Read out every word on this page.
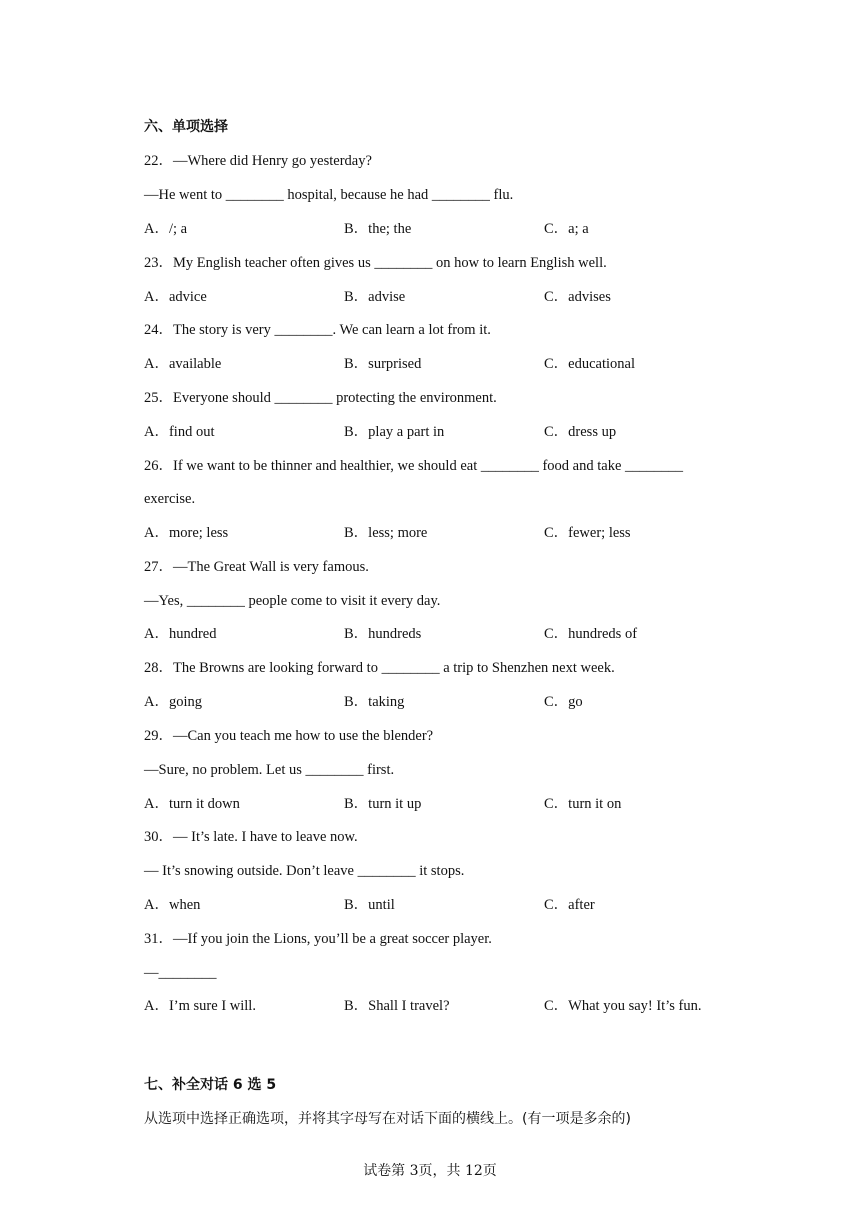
六、单项选择
22．—Where did Henry go yesterday?
—He went to ________ hospital, because he had ________ flu.
A．/; a	B．the; the	C．a; a
23．My English teacher often gives us ________ on how to learn English well.
A．advice	B．advise	C．advises
24．The story is very ________. We can learn a lot from it.
A．available	B．surprised	C．educational
25．Everyone should ________ protecting the environment.
A．find out	B．play a part in	C．dress up
26．If we want to be thinner and healthier, we should eat ________ food and take ________
exercise.
A．more; less	B．less; more	C．fewer; less
27．—The Great Wall is very famous.
—Yes, ________ people come to visit it every day.
A．hundred	B．hundreds	C．hundreds of
28．The Browns are looking forward to ________ a trip to Shenzhen next week.
A．going	B．taking	C．go
29．—Can you teach me how to use the blender?
—Sure, no problem. Let us ________ first.
A．turn it down	B．turn it up	C．turn it on
30．— It’s late. I have to leave now.
— It’s snowing outside. Don’t leave ________ it stops.
A．when	B．until	C．after
31．—If you join the Lions, you’ll be a great soccer player.
—________
A．I’m sure I will.	B．Shall I travel?	C．What you say! It’s fun.
七、补全对话 6 选 5
从选项中选择正确选项，并将其字母写在对话下面的横线上。(有一项是多余的)
试卷第 3页，共 12页
